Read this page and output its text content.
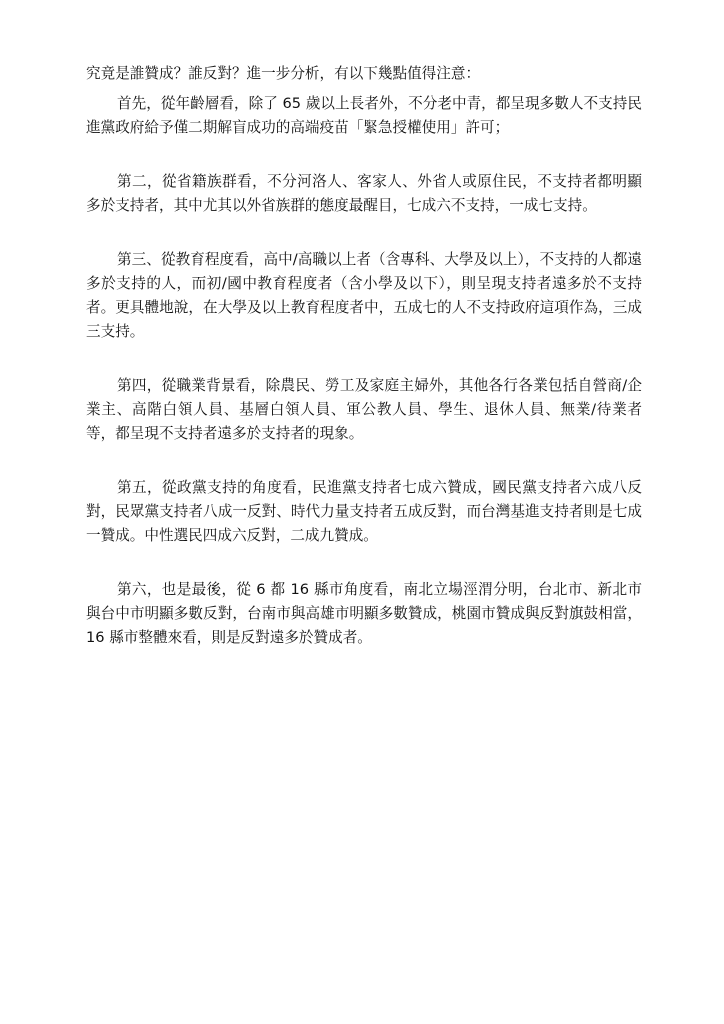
究竟是誰贊成？誰反對？進一步分析，有以下幾點值得注意：

首先，從年齡層看，除了 65 歲以上長者外，不分老中青，都呈現多數人不支持民進黨政府給予僅二期解盲成功的高端疫苗「緊急授權使用」許可；

第二，從省籍族群看，不分河洛人、客家人、外省人或原住民，不支持者都明顯多於支持者，其中尤其以外省族群的態度最醒目，七成六不支持，一成七支持。

第三、從教育程度看，高中/高職以上者（含專科、大學及以上），不支持的人都遠多於支持的人，而初/國中教育程度者（含小學及以下），則呈現支持者遠多於不支持者。更具體地說，在大學及以上教育程度者中，五成七的人不支持政府這項作為，三成三支持。

第四，從職業背景看，除農民、勞工及家庭主婦外，其他各行各業包括自營商/企業主、高階白領人員、基層白領人員、軍公教人員、學生、退休人員、無業/待業者等，都呈現不支持者遠多於支持者的現象。

第五，從政黨支持的角度看，民進黨支持者七成六贊成，國民黨支持者六成八反對，民眾黨支持者八成一反對、時代力量支持者五成反對，而台灣基進支持者則是七成一贊成。中性選民四成六反對，二成九贊成。

第六，也是最後，從 6 都 16 縣市角度看，南北立場涇渭分明，台北市、新北市與台中市明顯多數反對，台南市與高雄市明顯多數贊成，桃園市贊成與反對旗鼓相當，16 縣市整體來看，則是反對遠多於贊成者。
